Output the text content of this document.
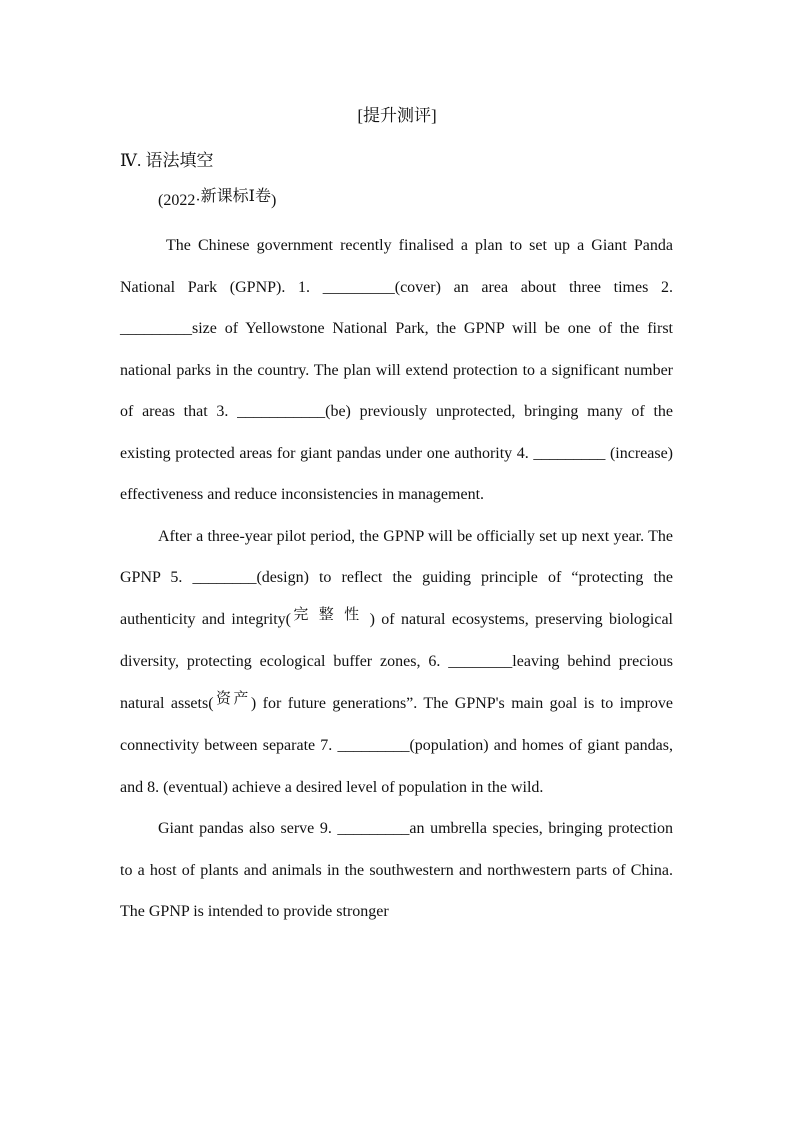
[提升测评]
Ⅳ. 语法填空
(2022·新课标Ⅰ卷)

The Chinese government recently finalised a plan to set up a Giant Panda National Park (GPNP). 1. _________(cover) an area about three times 2. _________size of Yellowstone National Park, the GPNP will be one of the first national parks in the country. The plan will extend protection to a significant number of areas that 3. ___________(be) previously unprotected, bringing many of the existing protected areas for giant pandas under one authority 4. _________ (increase) effectiveness and reduce inconsistencies in management.

After a three-year pilot period, the GPNP will be officially set up next year. The GPNP 5. ________(design) to reflect the guiding principle of “protecting the authenticity and integrity(完整性) of natural ecosystems, preserving biological diversity, protecting ecological buffer zones, 6. ________leaving behind precious natural assets(资产) for future generations”. The GPNP's main goal is to improve connectivity between separate 7. _________(population) and homes of giant pandas, and 8. (eventual) achieve a desired level of population in the wild.

Giant pandas also serve 9. _________an umbrella species, bringing protection to a host of plants and animals in the southwestern and northwestern parts of China. The GPNP is intended to provide stronger
